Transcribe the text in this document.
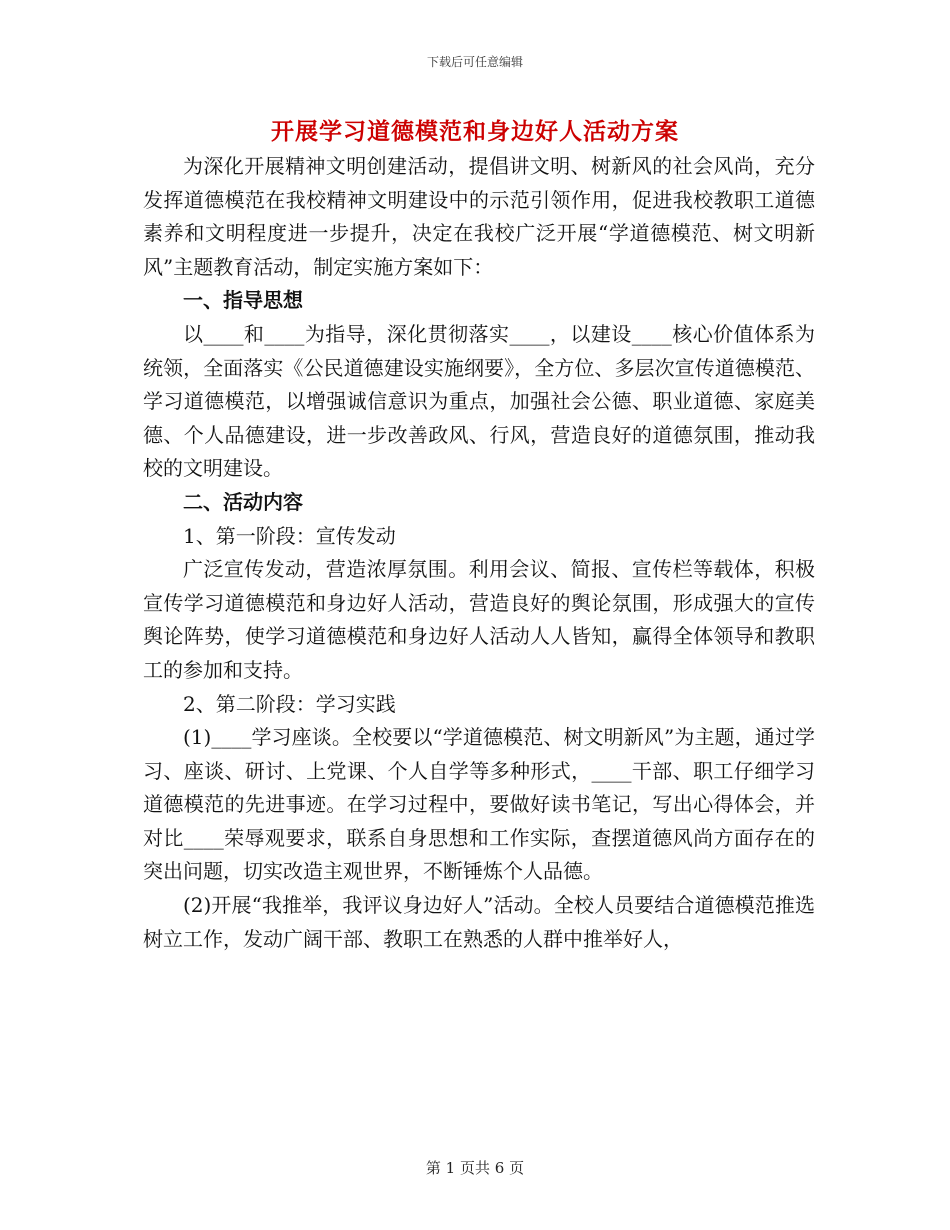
下载后可任意编辑
开展学习道德模范和身边好人活动方案

为深化开展精神文明创建活动，提倡讲文明、树新风的社会风尚，充分发挥道德模范在我校精神文明建设中的示范引领作用，促进我校教职工道德素养和文明程度进一步提升，决定在我校广泛开展“学道德模范、树文明新风”主题教育活动，制定实施方案如下：

一、指导思想

以____和____为指导，深化贯彻落实____，以建设____核心价值体系为统领，全面落实《公民道德建设实施纲要》，全方位、多层次宣传道德模范、学习道德模范，以增强诚信意识为重点，加强社会公德、职业道德、家庭美德、个人品德建设，进一步改善政风、行风，营造良好的道德氛围，推动我校的文明建设。

二、活动内容

1、第一阶段：宣传发动

广泛宣传发动，营造浓厚氛围。利用会议、简报、宣传栏等载体，积极宣传学习道德模范和身边好人活动，营造良好的舆论氛围，形成强大的宣传舆论阵势，使学习道德模范和身边好人活动人人皆知，赢得全体领导和教职工的参加和支持。

2、第二阶段：学习实践

(1)____学习座谈。全校要以“学道德模范、树文明新风”为主题，通过学习、座谈、研讨、上党课、个人自学等多种形式，____干部、职工仔细学习道德模范的先进事迹。在学习过程中，要做好读书笔记，写出心得体会，并对比____荣辱观要求，联系自身思想和工作实际，查摆道德风尚方面存在的突出问题，切实改造主观世界，不断锤炼个人品德。

(2)开展“我推举，我评议身边好人”活动。全校人员要结合道德模范推选树立工作，发动广阔干部、教职工在熟悉的人群中推举好人，

第 1 页共 6 页
